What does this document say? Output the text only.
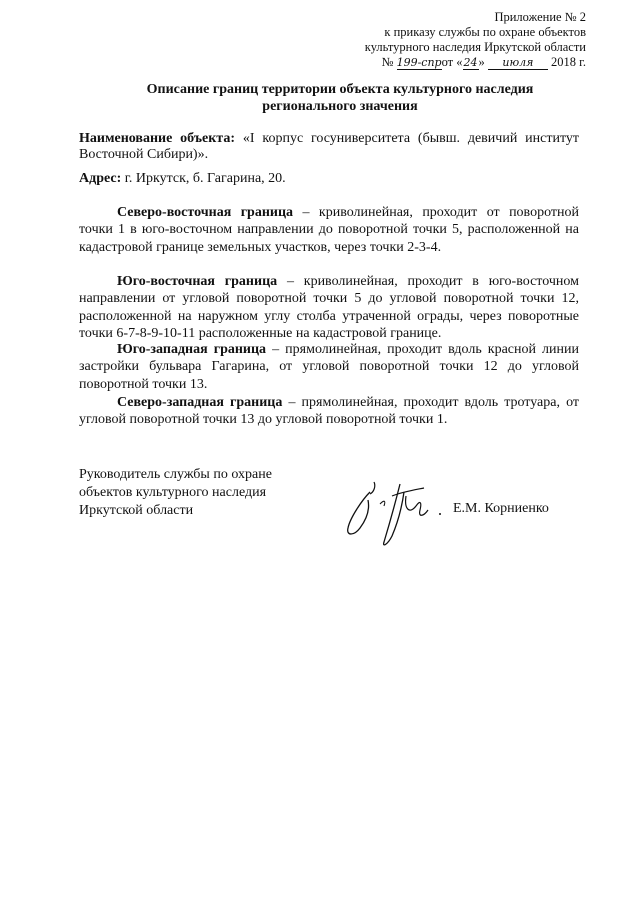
Приложение № 2
к приказу службы по охране объектов
культурного наследия Иркутской области
№ 199-спрот «24» июля 2018 г.
Описание границ территории объекта культурного наследия
регионального значения
Наименование объекта: «I корпус госуниверситета (бывш. девичий институт Восточной Сибири)».
Адрес: г. Иркутск, б. Гагарина, 20.

Северо-восточная граница – криволинейная, проходит от поворотной точки 1 в юго-восточном направлении до поворотной точки 5, расположенной на кадастровой границе земельных участков, через точки 2-3-4.

Юго-восточная граница – криволинейная, проходит в юго-восточном направлении от угловой поворотной точки 5 до угловой поворотной точки 12, расположенной на наружном углу столба утраченной ограды, через поворотные точки 6-7-8-9-10-11 расположенные на кадастровой границе.

Юго-западная граница – прямолинейная, проходит вдоль красной линии застройки бульвара Гагарина, от угловой поворотной точки 12 до угловой поворотной точки 13.

Северо-западная граница – прямолинейная, проходит вдоль тротуара, от угловой поворотной точки 13 до угловой поворотной точки 1.

Руководитель службы по охране
объектов культурного наследия
Иркутской области	Е.М. Корниенко
